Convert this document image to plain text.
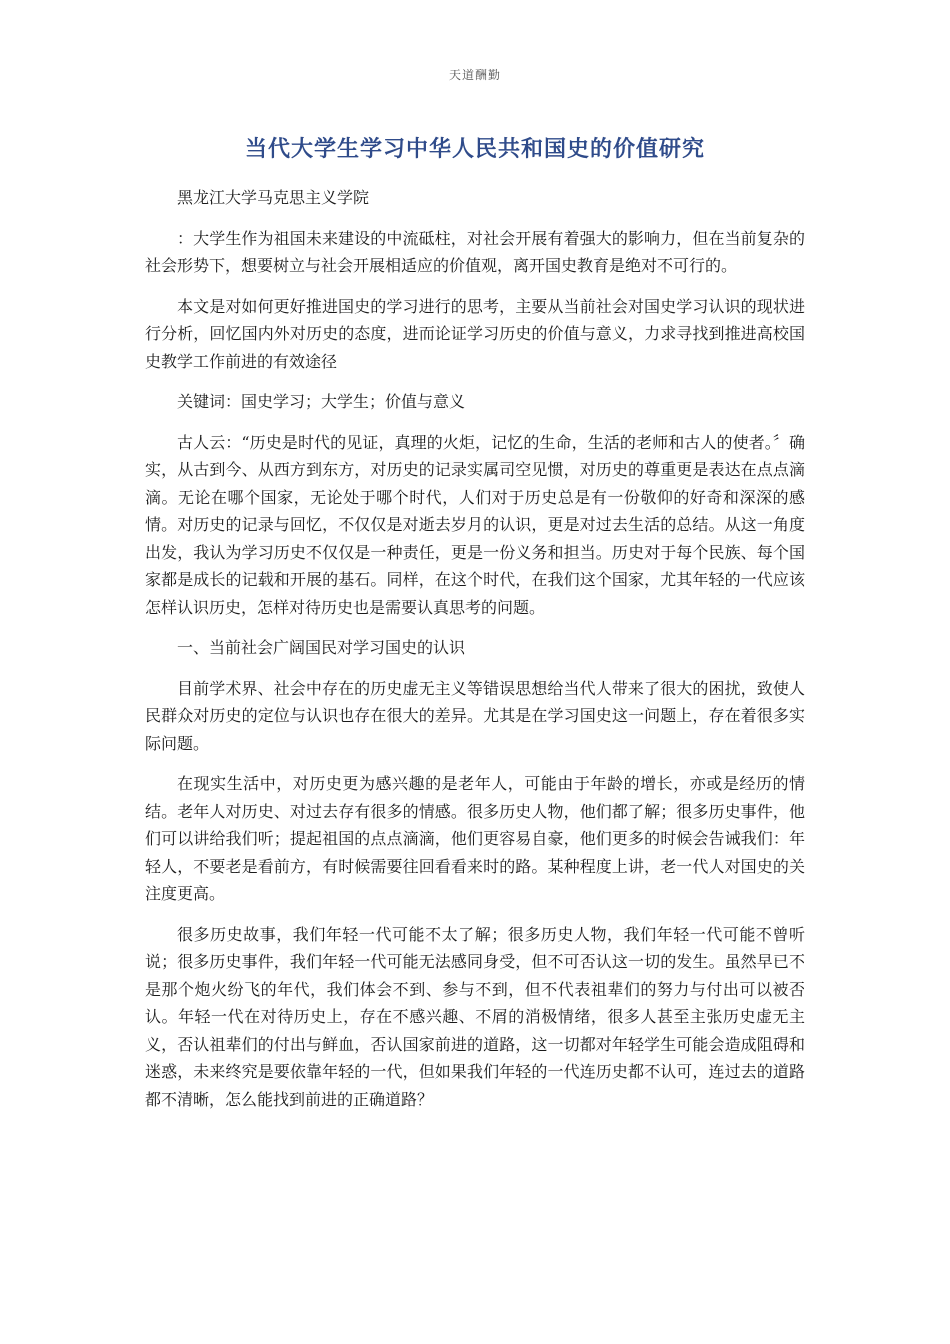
天道酬勤
当代大学生学习中华人民共和国史的价值研究

黑龙江大学马克思主义学院

：大学生作为祖国未来建设的中流砥柱，对社会开展有着强大的影响力，但在当前复杂的社会形势下，想要树立与社会开展相适应的价值观，离开国史教育是绝对不可行的。

本文是对如何更好推进国史的学习进行的思考，主要从当前社会对国史学习认识的现状进行分析，回忆国内外对历史的态度，进而论证学习历史的价值与意义，力求寻找到推进高校国史教学工作前进的有效途径

关键词：国史学习；大学生；价值与意义

古人云：“历史是时代的见证，真理的火炬，记忆的生命，生活的老师和古人的使者。〞确实，从古到今、从西方到东方，对历史的记录实属司空见惯，对历史的尊重更是表达在点点滴滴。无论在哪个国家，无论处于哪个时代，人们对于历史总是有一份敬仰的好奇和深深的感情。对历史的记录与回忆，不仅仅是对逝去岁月的认识，更是对过去生活的总结。从这一角度出发，我认为学习历史不仅仅是一种责任，更是一份义务和担当。历史对于每个民族、每个国家都是成长的记载和开展的基石。同样，在这个时代，在我们这个国家，尤其年轻的一代应该怎样认识历史，怎样对待历史也是需要认真思考的问题。

一、当前社会广阔国民对学习国史的认识

目前学术界、社会中存在的历史虚无主义等错误思想给当代人带来了很大的困扰，致使人民群众对历史的定位与认识也存在很大的差异。尤其是在学习国史这一问题上，存在着很多实际问题。

在现实生活中，对历史更为感兴趣的是老年人，可能由于年龄的增长，亦或是经历的情结。老年人对历史、对过去存有很多的情感。很多历史人物，他们都了解；很多历史事件，他们可以讲给我们听；提起祖国的点点滴滴，他们更容易自豪，他们更多的时候会告诫我们：年轻人，不要老是看前方，有时候需要往回看看来时的路。某种程度上讲，老一代人对国史的关注度更高。

很多历史故事，我们年轻一代可能不太了解；很多历史人物，我们年轻一代可能不曾听说；很多历史事件，我们年轻一代可能无法感同身受，但不可否认这一切的发生。虽然早已不是那个炮火纷飞的年代，我们体会不到、参与不到，但不代表祖辈们的努力与付出可以被否认。年轻一代在对待历史上，存在不感兴趣、不屑的消极情绪，很多人甚至主张历史虚无主义，否认祖辈们的付出与鲜血，否认国家前进的道路，这一切都对年轻学生可能会造成阻碍和迷惑，未来终究是要依靠年轻的一代，但如果我们年轻的一代连历史都不认可，连过去的道路都不清晰，怎么能找到前进的正确道路？
